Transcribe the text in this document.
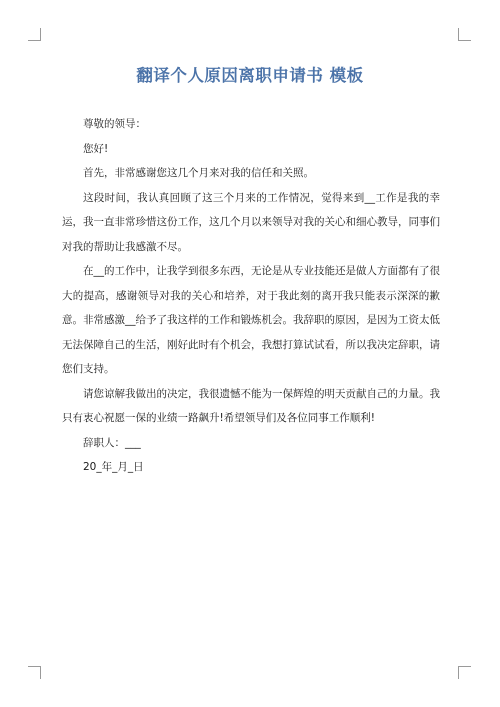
翻译个人原因离职申请书 模板

尊敬的领导：

您好!

首先，非常感谢您这几个月来对我的信任和关照。

这段时间，我认真回顾了这三个月来的工作情况，觉得来到__工作是我的幸运，我一直非常珍惜这份工作，这几个月以来领导对我的关心和细心教导，同事们对我的帮助让我感激不尽。

在__的工作中，让我学到很多东西，无论是从专业技能还是做人方面都有了很大的提高，感谢领导对我的关心和培养，对于我此刻的离开我只能表示深深的歉意。非常感激__给予了我这样的工作和锻炼机会。我辞职的原因，是因为工资太低无法保障自己的生活，刚好此时有个机会，我想打算试试看，所以我决定辞职，请您们支持。

请您谅解我做出的决定，我很遗憾不能为一保辉煌的明天贡献自己的力量。我只有衷心祝愿一保的业绩一路飙升!希望领导们及各位同事工作顺利!

辞职人：___

20_年_月_日
